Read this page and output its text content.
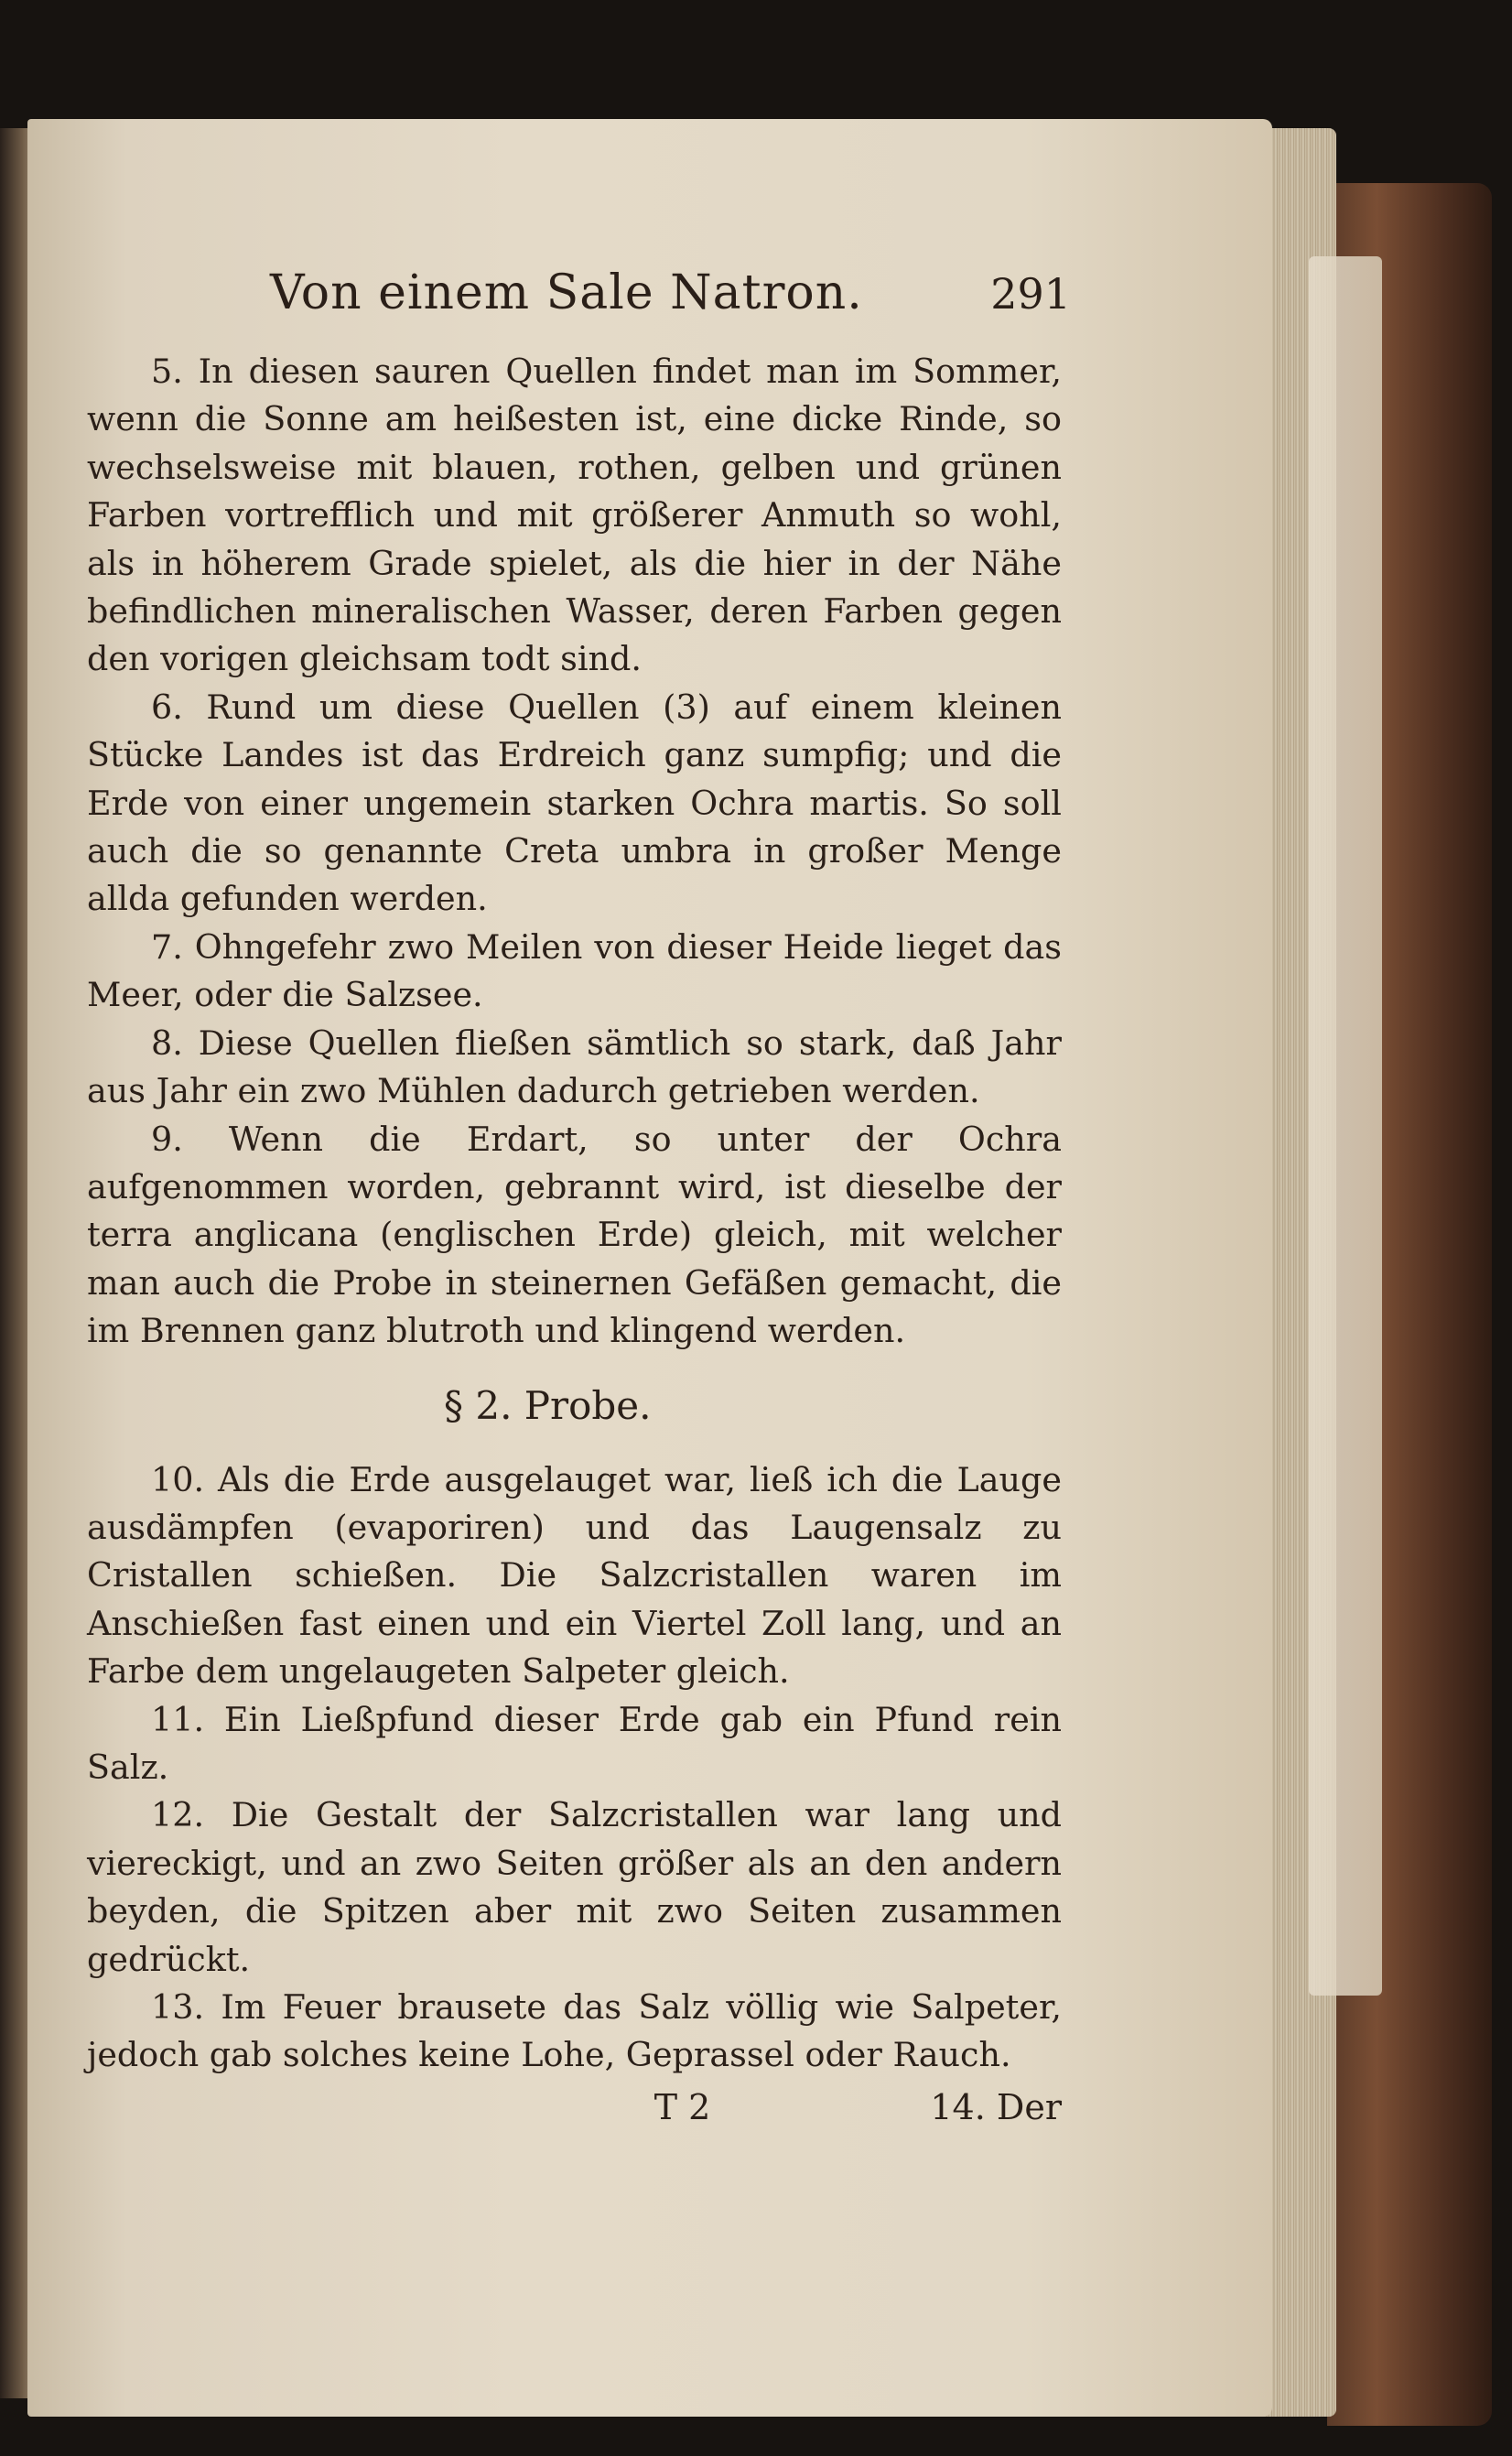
Von einem Sale Natron.	291

5. In diesen sauren Quellen findet man im Sommer, wenn die Sonne am heißesten ist, eine dicke Rinde, so wechselsweise mit blauen, rothen, gelben und grünen Farben vortrefflich und mit größerer Anmuth so wohl, als in höherem Grade spielet, als die hier in der Nähe befindlichen mineralischen Wasser, deren Farben gegen den vorigen gleichsam todt sind.

6. Rund um diese Quellen (3) auf einem kleinen Stücke Landes ist das Erdreich ganz sumpfig; und die Erde von einer ungemein starken Ochra martis. So soll auch die so genannte Creta umbra in großer Menge allda gefunden werden.

7. Ohngefehr zwo Meilen von dieser Heide lieget das Meer, oder die Salzsee.

8. Diese Quellen fließen sämtlich so stark, daß Jahr aus Jahr ein zwo Mühlen dadurch getrieben werden.

9. Wenn die Erdart, so unter der Ochra aufgenommen worden, gebrannt wird, ist dieselbe der terra anglicana (englischen Erde) gleich, mit welcher man auch die Probe in steinernen Gefäßen gemacht, die im Brennen ganz blutroth und klingend werden.

§ 2. Probe.

10. Als die Erde ausgelauget war, ließ ich die Lauge ausdämpfen (evaporiren) und das Laugensalz zu Cristallen schießen. Die Salzcristallen waren im Anschießen fast einen und ein Viertel Zoll lang, und an Farbe dem ungelaugeten Salpeter gleich.

11. Ein Ließpfund dieser Erde gab ein Pfund rein Salz.

12. Die Gestalt der Salzcristallen war lang und viereckigt, und an zwo Seiten größer als an den andern beyden, die Spitzen aber mit zwo Seiten zusammen gedrückt.

13. Im Feuer brausete das Salz völlig wie Salpeter, jedoch gab solches keine Lohe, Geprassel oder Rauch.

T 2	14. Der
